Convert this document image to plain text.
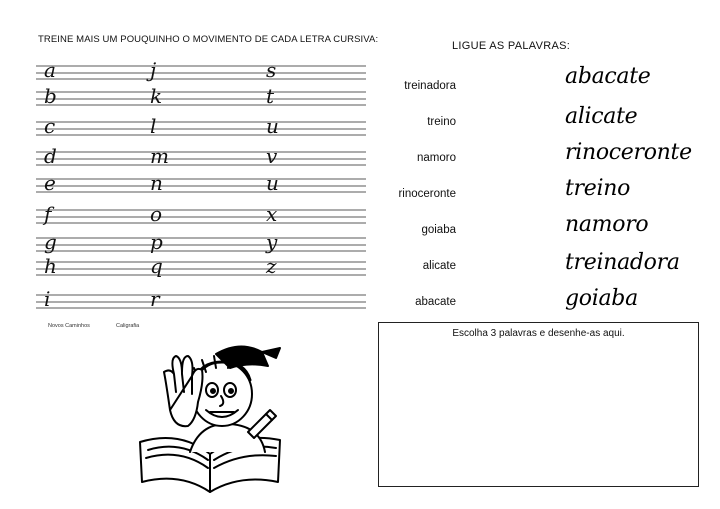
TREINE MAIS UM POUQUINHO O MOVIMENTO DE CADA LETRA CURSIVA:
a
b
c
d
e
f
g
h
i
j
k
l
m
n
o
p
q
r
s
t
u
v
u
x
y
z
Novos Caminhos	Caligrafia
LIGUE AS PALAVRAS:
treinadora
treino
namoro
rinoceronte
goiaba
alicate
abacate
abacate
alicate
rinoceronte
treino
namoro
treinadora
goiaba
Escolha 3 palavras e desenhe-as aqui.
